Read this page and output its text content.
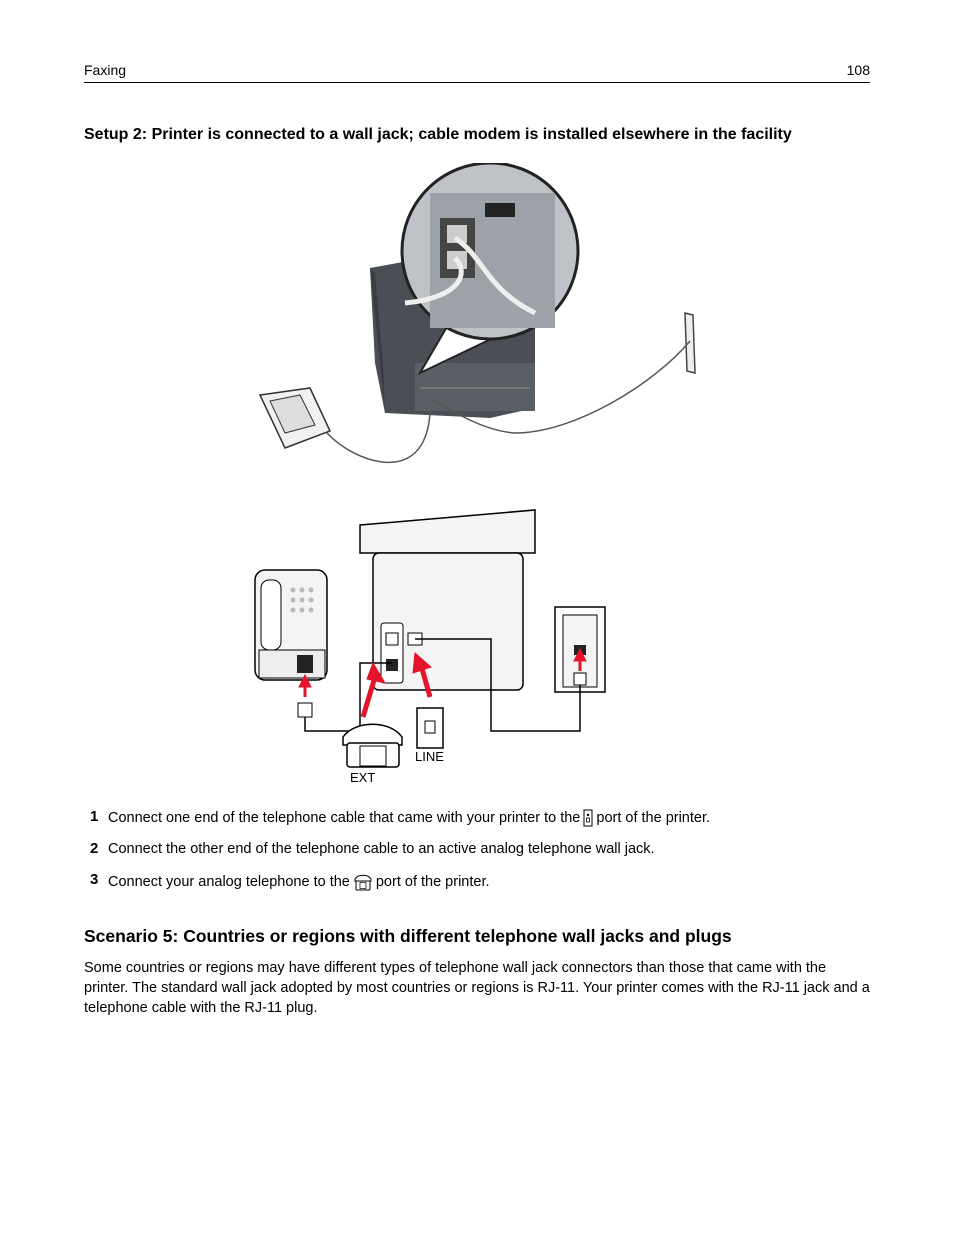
Faxing	108
Setup 2: Printer is connected to a wall jack; cable modem is installed elsewhere in the facility
EXT
LINE
1 Connect one end of the telephone cable that came with your printer to the port of the printer.
2 Connect the other end of the telephone cable to an active analog telephone wall jack.
3 Connect your analog telephone to the port of the printer.
Scenario 5: Countries or regions with different telephone wall jacks and plugs
Some countries or regions may have different types of telephone wall jack connectors than those that came with the printer. The standard wall jack adopted by most countries or regions is RJ-11. Your printer comes with the RJ-11 jack and a telephone cable with the RJ-11 plug.
